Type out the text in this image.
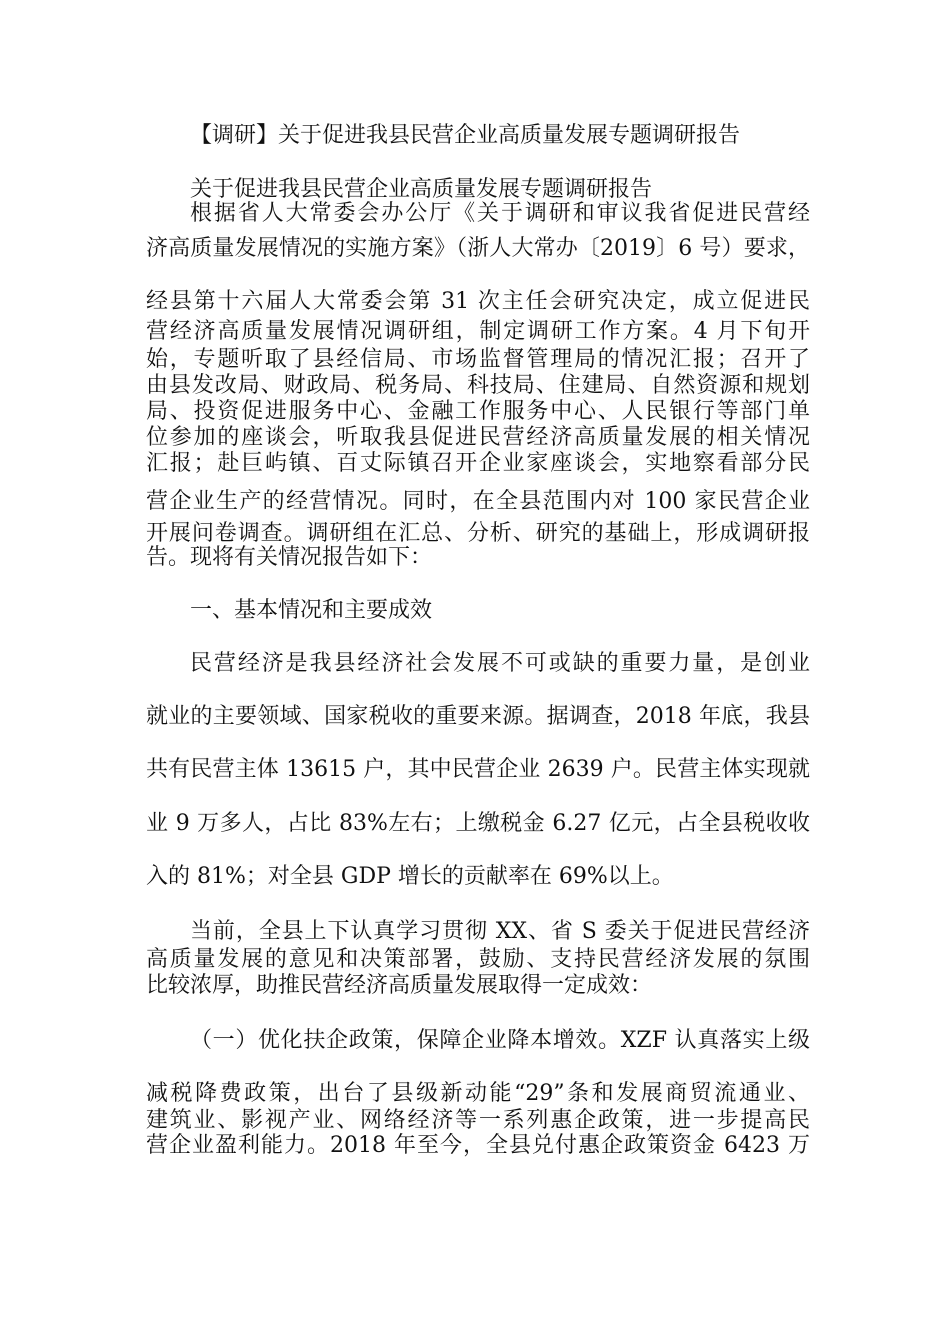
【调研】关于促进我县民营企业高质量发展专题调研报告
关于促进我县民营企业高质量发展专题调研报告
根据省人大常委会办公厅《关于调研和审议我省促进民营经
济高质量发展情况的实施方案》（浙人大常办〔2019〕6 号）要求，
经县第十六届人大常委会第 31 次主任会研究决定，成立促进民
营经济高质量发展情况调研组，制定调研工作方案。4 月下旬开
始，专题听取了县经信局、市场监督管理局的情况汇报；召开了
由县发改局、财政局、税务局、科技局、住建局、自然资源和规划
局、投资促进服务中心、金融工作服务中心、人民银行等部门单
位参加的座谈会，听取我县促进民营经济高质量发展的相关情况
汇报；赴巨屿镇、百丈际镇召开企业家座谈会，实地察看部分民
营企业生产的经营情况。同时，在全县范围内对 100 家民营企业
开展问卷调查。调研组在汇总、分析、研究的基础上，形成调研报
告。现将有关情况报告如下：
一、基本情况和主要成效
民营经济是我县经济社会发展不可或缺的重要力量，是创业
就业的主要领域、国家税收的重要来源。据调查，2018 年底，我县
共有民营主体 13615 户，其中民营企业 2639 户。民营主体实现就
业 9 万多人，占比 83%左右；上缴税金 6.27 亿元，占全县税收收
入的 81%；对全县 GDP 增长的贡献率在 69%以上。
当前，全县上下认真学习贯彻 XX、省 S 委关于促进民营经济
高质量发展的意见和决策部署，鼓励、支持民营经济发展的氛围
比较浓厚，助推民营经济高质量发展取得一定成效：
（一）优化扶企政策，保障企业降本增效。XZF 认真落实上级
减税降费政策，出台了县级新动能“29”条和发展商贸流通业、
建筑业、影视产业、网络经济等一系列惠企政策，进一步提高民
营企业盈利能力。2018 年至今，全县兑付惠企政策资金 6423 万
